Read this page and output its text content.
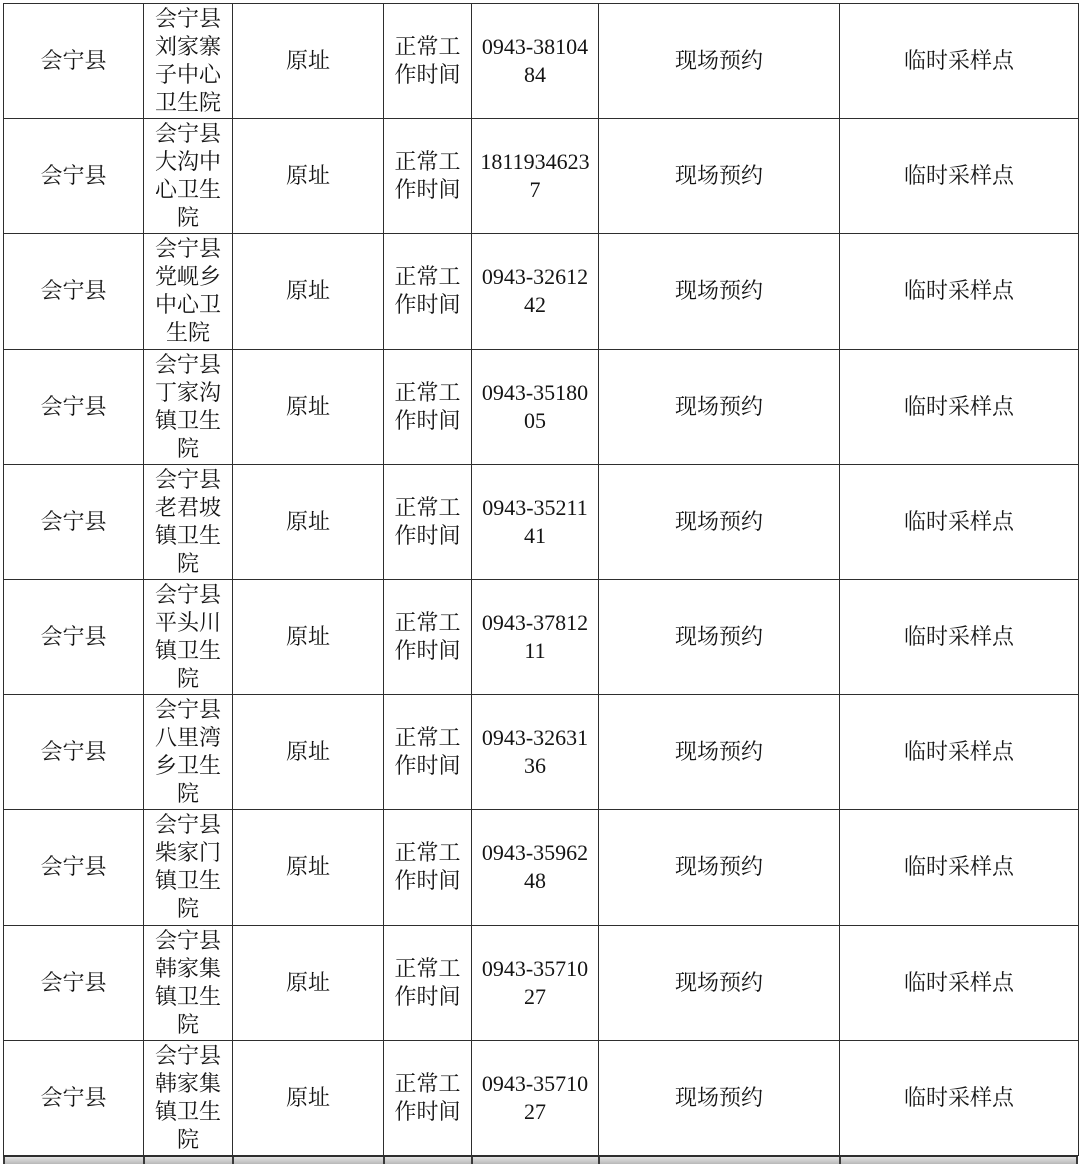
会宁县	会宁县刘家寨子中心卫生院	原址	正常工作时间	0943-3810484	现场预约	临时采样点
会宁县	会宁县大沟中心卫生院	原址	正常工作时间	18119346237	现场预约	临时采样点
会宁县	会宁县党岘乡中心卫生院	原址	正常工作时间	0943-3261242	现场预约	临时采样点
会宁县	会宁县丁家沟镇卫生院	原址	正常工作时间	0943-3518005	现场预约	临时采样点
会宁县	会宁县老君坡镇卫生院	原址	正常工作时间	0943-3521141	现场预约	临时采样点
会宁县	会宁县平头川镇卫生院	原址	正常工作时间	0943-3781211	现场预约	临时采样点
会宁县	会宁县八里湾乡卫生院	原址	正常工作时间	0943-3263136	现场预约	临时采样点
会宁县	会宁县柴家门镇卫生院	原址	正常工作时间	0943-3596248	现场预约	临时采样点
会宁县	会宁县韩家集镇卫生院	原址	正常工作时间	0943-3571027	现场预约	临时采样点
会宁县	会宁县韩家集镇卫生院	原址	正常工作时间	0943-3571027	现场预约	临时采样点
